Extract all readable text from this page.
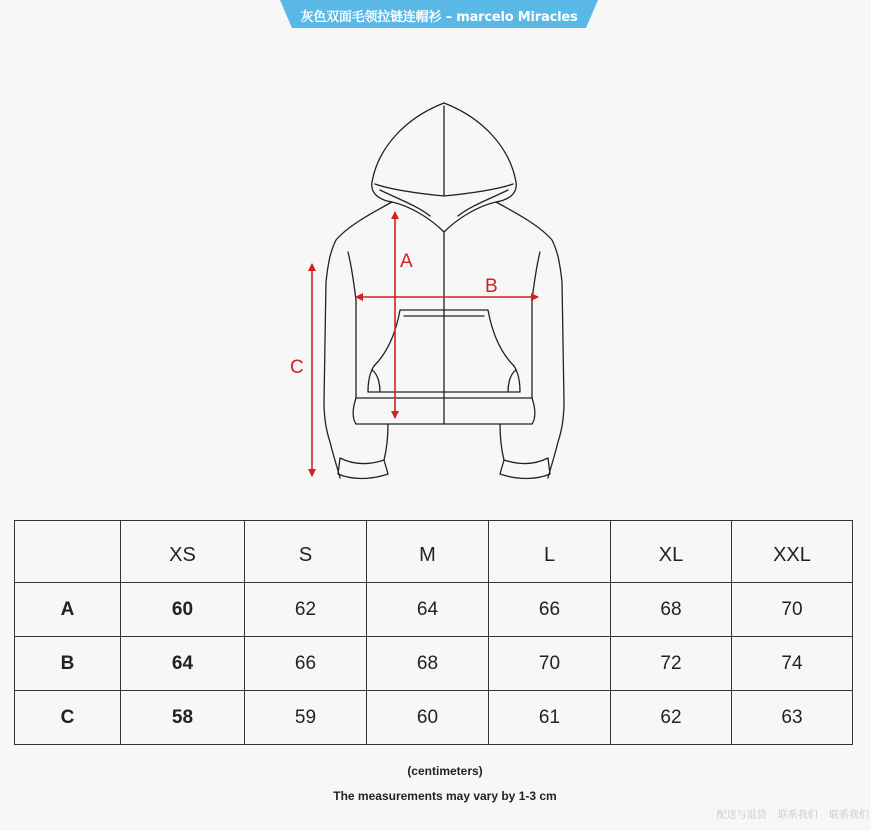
灰色双面毛领拉链连帽衫 – marcelo Miracles
A
B
C
	XS	S	M	L	XL	XXL
A	60	62	64	66	68	70
B	64	66	68	70	72	74
C	58	59	60	61	62	63
(centimeters)
The measurements may vary by 1-3 cm
配送与退货 联系我们 联系我们
